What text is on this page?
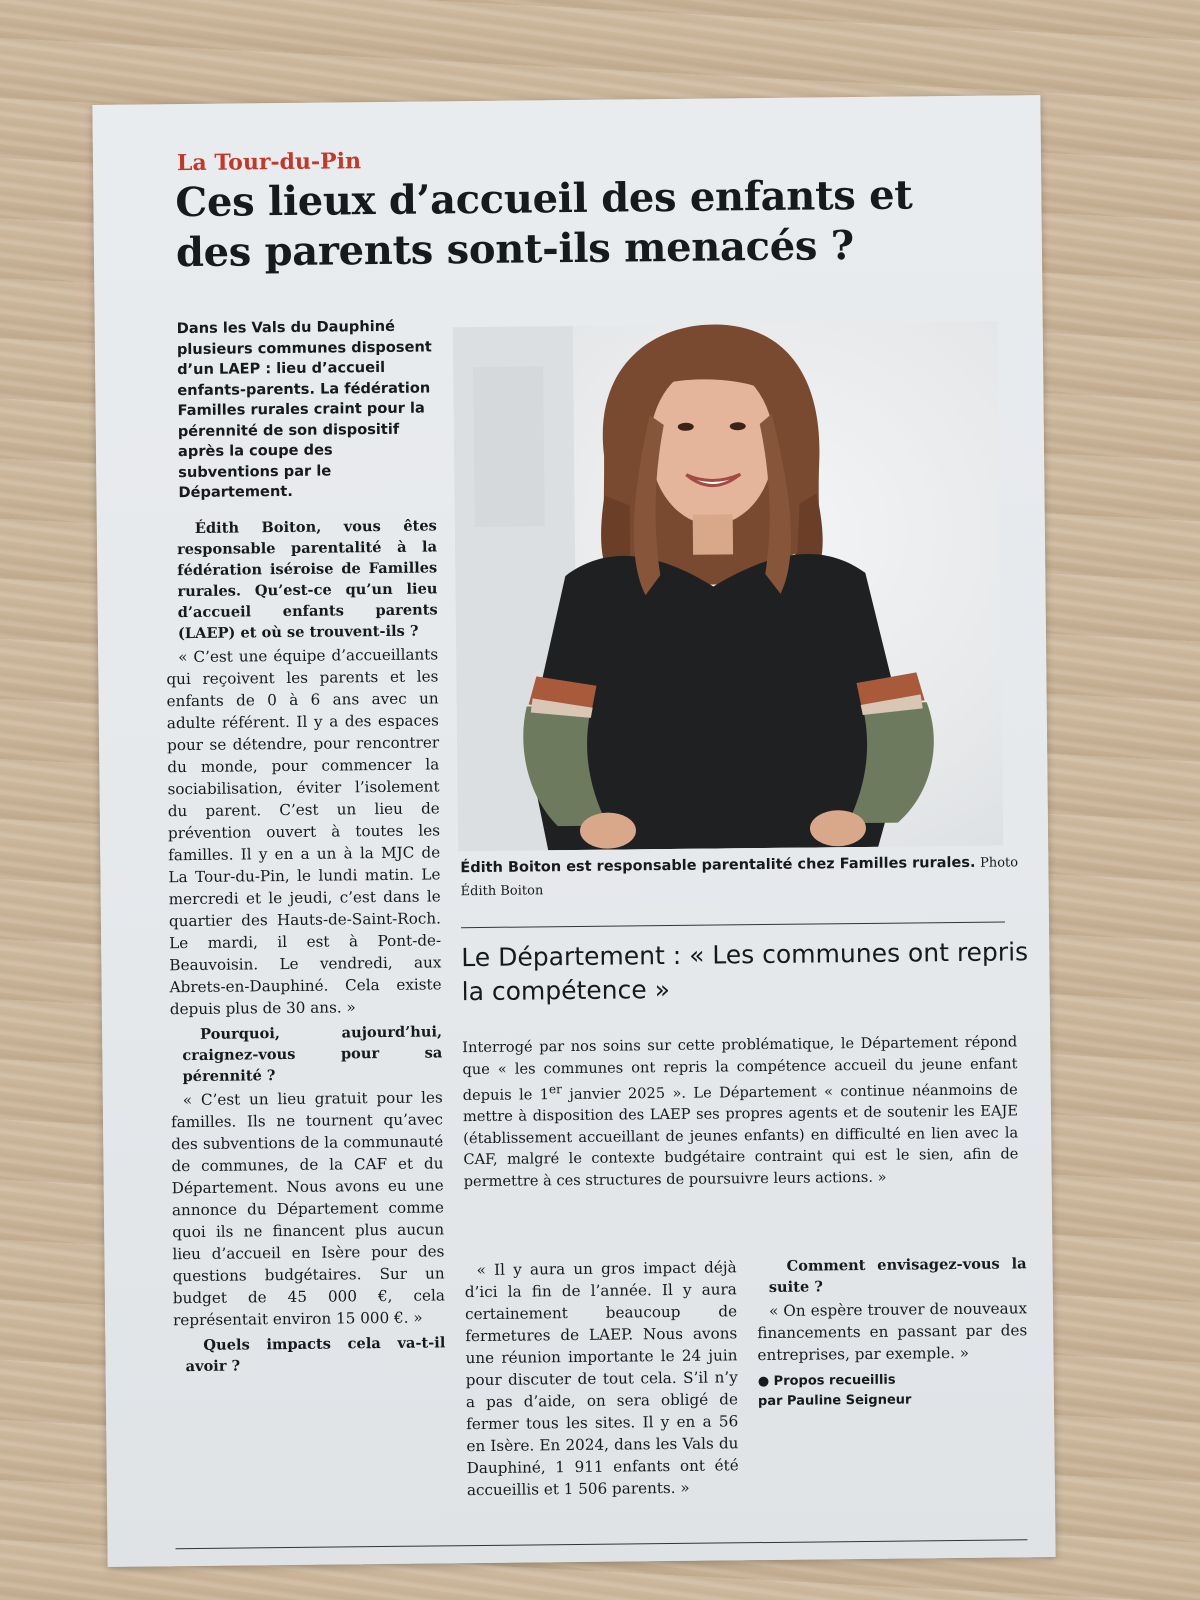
La Tour-du-Pin
Ces lieux d’accueil des enfants et des parents sont-ils menacés ?

Dans les Vals du Dauphiné plusieurs communes disposent d’un LAEP : lieu d’accueil enfants-parents. La fédération Familles rurales craint pour la pérennité de son dispositif après la coupe des subventions par le Département.

Édith Boiton, vous êtes responsable parentalité à la fédération iséroise de Familles rurales. Qu’est-ce qu’un lieu d’accueil enfants parents (LAEP) et où se trouvent-ils ?

« C’est une équipe d’accueillants qui reçoivent les parents et les enfants de 0 à 6 ans avec un adulte référent. Il y a des espaces pour se détendre, pour rencontrer du monde, pour commencer la sociabilisation, éviter l’isolement du parent. C’est un lieu de prévention ouvert à toutes les familles. Il y en a un à la MJC de La Tour-du-Pin, le lundi matin. Le mercredi et le jeudi, c’est dans le quartier des Hauts-de-Saint-Roch. Le mardi, il est à Pont-de-Beauvoisin. Le vendredi, aux Abrets-en-Dauphiné. Cela existe depuis plus de 30 ans. »

Pourquoi, aujourd’hui, craignez-vous pour sa pérennité ?

« C’est un lieu gratuit pour les familles. Ils ne tournent qu’avec des subventions de la communauté de communes, de la CAF et du Département. Nous avons eu une annonce du Département comme quoi ils ne financent plus aucun lieu d’accueil en Isère pour des questions budgétaires. Sur un budget de 45 000 €, cela représentait environ 15 000 €. »

Quels impacts cela va-t-il avoir ?

Édith Boiton est responsable parentalité chez Familles rurales. Photo Édith Boiton
Le Département : « Les communes ont repris la compétence »

Interrogé par nos soins sur cette problématique, le Département répond que « les communes ont repris la compétence accueil du jeune enfant depuis le 1er janvier 2025 ». Le Département « continue néanmoins de mettre à disposition des LAEP ses propres agents et de soutenir les EAJE (établissement accueillant de jeunes enfants) en difficulté en lien avec la CAF, malgré le contexte budgétaire contraint qui est le sien, afin de permettre à ces structures de poursuivre leurs actions. »

« Il y aura un gros impact déjà d’ici la fin de l’année. Il y aura certainement beaucoup de fermetures de LAEP. Nous avons une réunion importante le 24 juin pour discuter de tout cela. S’il n’y a pas d’aide, on sera obligé de fermer tous les sites. Il y en a 56 en Isère. En 2024, dans les Vals du Dauphiné, 1 911 enfants ont été accueillis et 1 506 parents. »

Comment envisagez-vous la suite ?

« On espère trouver de nouveaux financements en passant par des entreprises, par exemple. »

● Propos recueillis
par Pauline Seigneur
